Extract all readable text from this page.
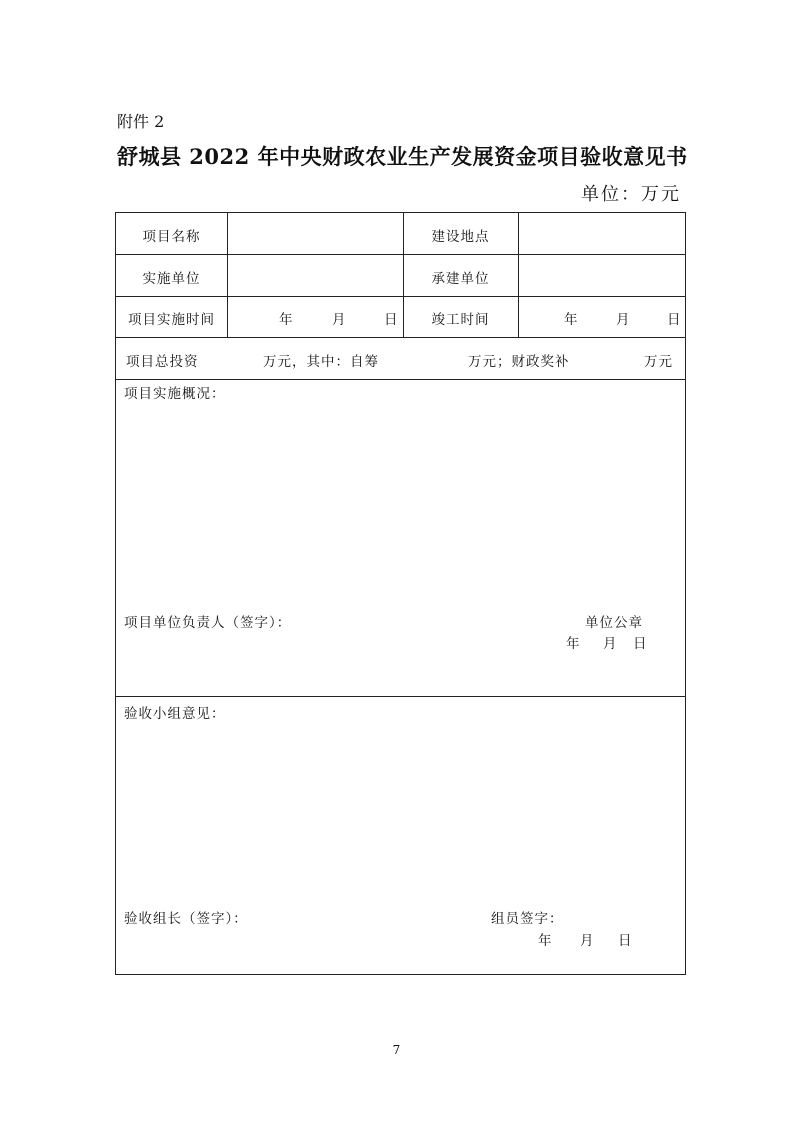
附件 2
舒城县 2022 年中央财政农业生产发展资金项目验收意见书
单位：万元
项目名称	建设地点
实施单位	承建单位
项目实施时间	年	月	日	竣工时间	年	月	日
项目总投资	万元，其中：自筹	万元；财政奖补	万元
项目实施概况：
项目单位负责人（签字）：	单位公章
年 月 日
验收小组意见：
验收组长（签字）：	组员签字：
年 月 日
7
